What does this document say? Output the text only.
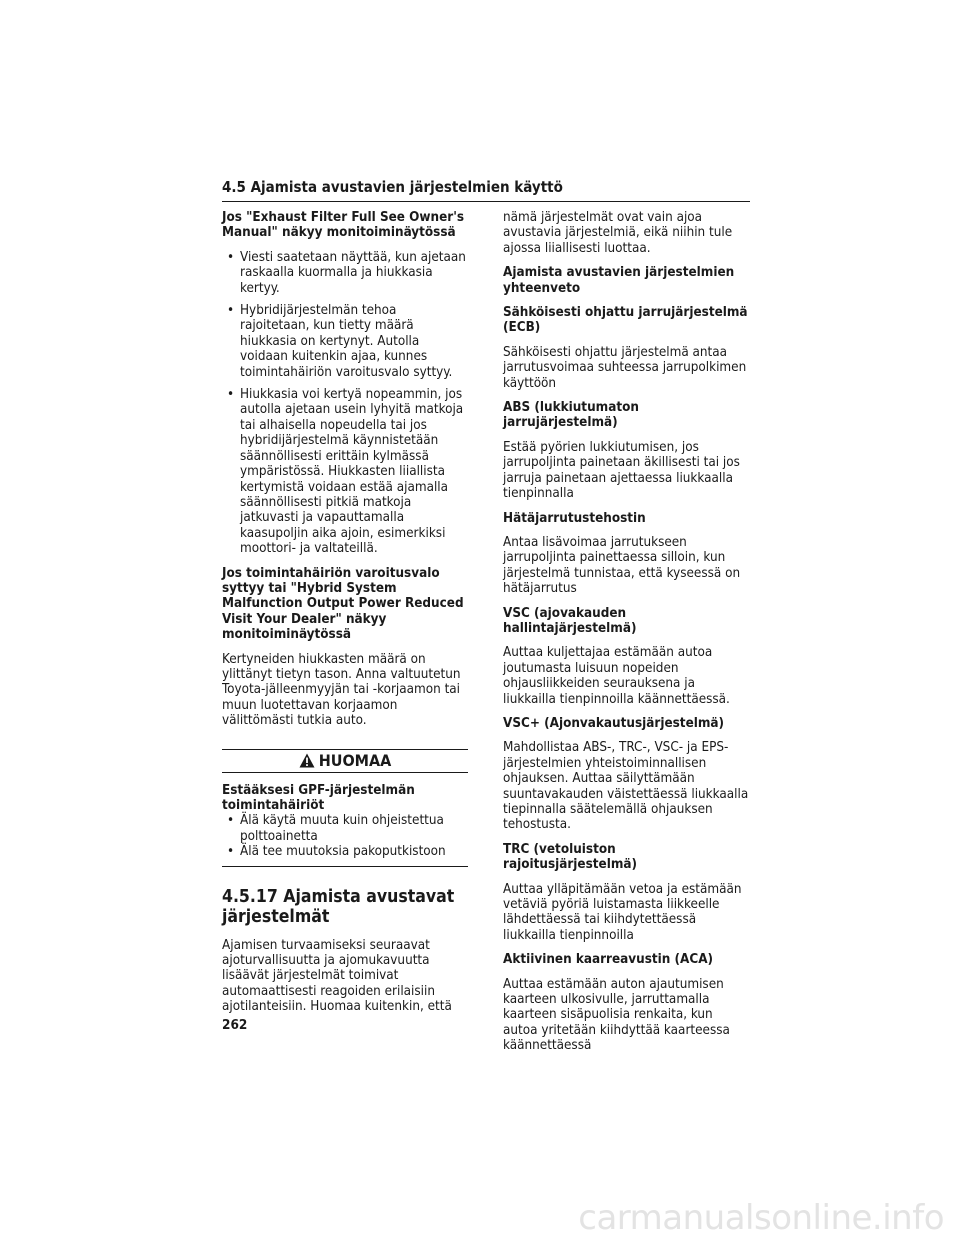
4.5 Ajamista avustavien järjestelmien käyttö

Jos "Exhaust Filter Full See Owner's Manual" näkyy monitoiminäytössä

• Viesti saatetaan näyttää, kun ajetaan raskaalla kuormalla ja hiukkasia kertyy.
• Hybridijärjestelmän tehoa rajoitetaan, kun tietty määrä hiukkasia on kertynyt. Autolla voidaan kuitenkin ajaa, kunnes toimintahäiriön varoitusvalo syttyy.
• Hiukkasia voi kertyä nopeammin, jos autolla ajetaan usein lyhyitä matkoja tai alhaisella nopeudella tai jos hybridijärjestelmä käynnistetään säännöllisesti erittäin kylmässä ympäristössä. Hiukkasten liiallista kertymistä voidaan estää ajamalla säännöllisesti pitkiä matkoja jatkuvasti ja vapauttamalla kaasupoljin aika ajoin, esimerkiksi moottori- ja valtateillä.

Jos toimintahäiriön varoitusvalo syttyy tai "Hybrid System Malfunction Output Power Reduced Visit Your Dealer" näkyy monitoiminäytössä

Kertyneiden hiukkasten määrä on ylittänyt tietyn tason. Anna valtuutetun Toyota-jälleenmyyjän tai -korjaamon tai muun luotettavan korjaamon välittömästi tutkia auto.

HUOMAA

Estääksesi GPF-järjestelmän toimintahäiriöt

• Älä käytä muuta kuin ohjeistettua polttoainetta
• Älä tee muutoksia pakoputkistoon
4.5.17 Ajamista avustavat järjestelmät

Ajamisen turvaamiseksi seuraavat ajoturvallisuutta ja ajomukavuutta lisäävät järjestelmät toimivat automaattisesti reagoiden erilaisiin ajotilanteisiin. Huomaa kuitenkin, että

nämä järjestelmät ovat vain ajoa avustavia järjestelmiä, eikä niihin tule ajossa liiallisesti luottaa.

Ajamista avustavien järjestelmien yhteenveto

Sähköisesti ohjattu jarrujärjestelmä (ECB)

Sähköisesti ohjattu järjestelmä antaa jarrutusvoimaa suhteessa jarrupolkimen käyttöön

ABS (lukkiutumaton jarrujärjestelmä)

Estää pyörien lukkiutumisen, jos jarrupoljinta painetaan äkillisesti tai jos jarruja painetaan ajettaessa liukkaalla tienpinnalla

Hätäjarrutustehostin

Antaa lisävoimaa jarrutukseen jarrupoljinta painettaessa silloin, kun järjestelmä tunnistaa, että kyseessä on hätäjarrutus

VSC (ajovakauden hallintajärjestelmä)

Auttaa kuljettajaa estämään autoa joutumasta luisuun nopeiden ohjausliikkeiden seurauksena ja liukkailla tienpinnoilla käännettäessä.

VSC+ (Ajonvakautusjärjestelmä)

Mahdollistaa ABS-, TRC-, VSC- ja EPS-järjestelmien yhteistoiminnallisen ohjauksen. Auttaa säilyttämään suuntavakauden väistettäessä liukkaalla tiepinnalla säätelemällä ohjauksen tehostusta.

TRC (vetoluiston rajoitusjärjestelmä)

Auttaa ylläpitämään vetoa ja estämään vetäviä pyöriä luistamasta liikkeelle lähdettäessä tai kiihdytettäessä liukkailla tienpinnoilla

Aktiivinen kaarreavustin (ACA)

Auttaa estämään auton ajautumisen kaarteen ulkosivulle, jarruttamalla kaarteen sisäpuolisia renkaita, kun autoa yritetään kiihdyttää kaarteessa käännettäessä

262
carmanualsonline.info
